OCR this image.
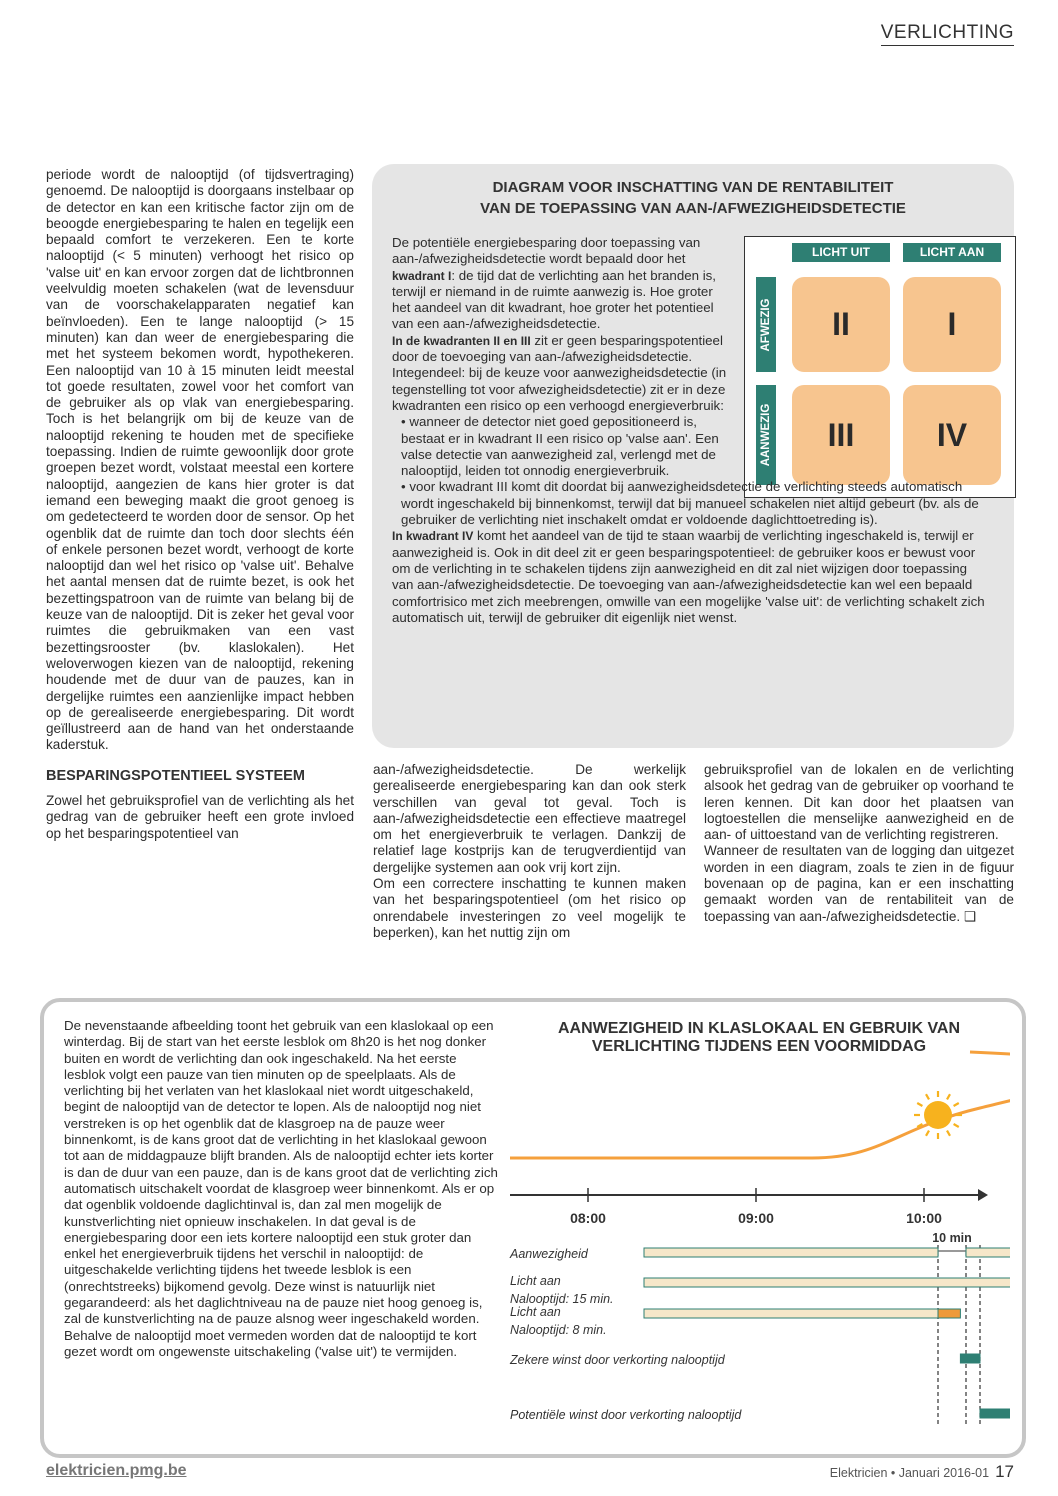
VERLICHTING

periode wordt de nalooptijd (of tijdsvertraging) genoemd. De nalooptijd is doorgaans instelbaar op de detector en kan een kritische factor zijn om de beoogde energiebesparing te halen en tegelijk een bepaald comfort te verzekeren. Een te korte nalooptijd (< 5 minuten) verhoogt het risico op 'valse uit' en kan ervoor zorgen dat de lichtbronnen veelvuldig moeten schakelen (wat de levensduur van de voorschakelapparaten negatief kan beïnvloeden). Een te lange nalooptijd (> 15 minuten) kan dan weer de energiebesparing die met het systeem bekomen wordt, hypothekeren. Een nalooptijd van 10 à 15 minuten leidt meestal tot goede resultaten, zowel voor het comfort van de gebruiker als op vlak van energiebesparing. Toch is het belangrijk om bij de keuze van de nalooptijd rekening te houden met de specifieke toepassing. Indien de ruimte gewoonlijk door grote groepen bezet wordt, volstaat meestal een kortere nalooptijd, aangezien de kans hier groter is dat iemand een beweging maakt die groot genoeg is om gedetecteerd te worden door de sensor. Op het ogenblik dat de ruimte dan toch door slechts één of enkele personen bezet wordt, verhoogt de korte nalooptijd dan wel het risico op 'valse uit'. Behalve het aantal mensen dat de ruimte bezet, is ook het bezettingspatroon van de ruimte van belang bij de keuze van de nalooptijd. Dit is zeker het geval voor ruimtes die gebruikmaken van een vast bezettingsrooster (bv. klaslokalen). Het weloverwogen kiezen van de nalooptijd, rekening houdende met de duur van de pauzes, kan in dergelijke ruimtes een aanzienlijke impact hebben op de gerealiseerde energiebesparing. Dit wordt geïllustreerd aan de hand van het onderstaande kaderstuk.

BESPARINGSPOTENTIEEL SYSTEEM

Zowel het gebruiksprofiel van de verlichting als het gedrag van de gebruiker heeft een grote invloed op het besparingspotentieel van

DIAGRAM VOOR INSCHATTING VAN DE RENTABILITEIT
VAN DE TOEPASSING VAN AAN-/AFWEZIGHEIDSDETECTIE
LICHT UIT	LICHT AAN
AFWEZIG
AANWEZIG
II	I
III	IV

De potentiële energiebesparing door toepassing van aan-/afwezigheidsdetectie wordt bepaald door het kwadrant I: de tijd dat de verlichting aan het branden is, terwijl er niemand in de ruimte aanwezig is. Hoe groter het aandeel van dit kwadrant, hoe groter het potentieel van een aan-/afwezigheidsdetectie.

In de kwadranten II en III zit er geen besparingspotentieel door de toevoeging van aan-/afwezigheidsdetectie. Integendeel: bij de keuze voor aanwezigheidsdetectie (in tegenstelling tot voor afwezigheidsdetectie) zit er in deze kwadranten een risico op een verhoogd energieverbruik:

• wanneer de detector niet goed gepositioneerd is, bestaat er in kwadrant II een risico op 'valse aan'. Een valse detectie van aanwezigheid zal, verlengd met de nalooptijd, leiden tot onnodig energieverbruik.

• voor kwadrant III komt dit doordat bij aanwezigheidsdetectie de verlichting steeds automatisch wordt ingeschakeld bij binnenkomst, terwijl dat bij manueel schakelen niet altijd gebeurt (bv. als de gebruiker de verlichting niet inschakelt omdat er voldoende daglichttoetreding is).

In kwadrant IV komt het aandeel van de tijd te staan waarbij de verlichting ingeschakeld is, terwijl er aanwezigheid is. Ook in dit deel zit er geen besparingspotentieel: de gebruiker koos er bewust voor om de verlichting in te schakelen tijdens zijn aanwezigheid en dit zal niet wijzigen door toepassing van aan-/afwezigheidsdetectie. De toevoeging van aan-/afwezigheidsdetectie kan wel een bepaald comfortrisico met zich meebrengen, omwille van een mogelijke 'valse uit': de verlichting schakelt zich automatisch uit, terwijl de gebruiker dit eigenlijk niet wenst.

aan-/afwezigheidsdetectie. De werkelijk gerealiseerde energiebesparing kan dan ook sterk verschillen van geval tot geval. Toch is aan-/afwezigheidsdetectie een effectieve maatregel om het energieverbruik te verlagen. Dankzij de relatief lage kostprijs kan de terugverdientijd van dergelijke systemen aan ook vrij kort zijn.

Om een correctere inschatting te kunnen maken van het besparingspotentieel (om het risico op onrendabele investeringen zo veel mogelijk te beperken), kan het nuttig zijn om

gebruiksprofiel van de lokalen en de verlichting alsook het gedrag van de gebruiker op voorhand te leren kennen. Dit kan door het plaatsen van logtoestellen die menselijke aanwezigheid en de aan- of uittoestand van de verlichting registreren.

Wanneer de resultaten van de logging dan uitgezet worden in een diagram, zoals te zien in de figuur bovenaan op de pagina, kan er een inschatting gemaakt worden van de rentabiliteit van de toepassing van aan-/afwezigheidsdetectie. ❑

De nevenstaande afbeelding toont het gebruik van een klaslokaal op een winterdag. Bij de start van het eerste lesblok om 8h20 is het nog donker buiten en wordt de verlichting dan ook ingeschakeld. Na het eerste lesblok volgt een pauze van tien minuten op de speelplaats. Als de verlichting bij het verlaten van het klaslokaal niet wordt uitgeschakeld, begint de nalooptijd van de detector te lopen. Als de nalooptijd nog niet verstreken is op het ogenblik dat de klasgroep na de pauze weer binnenkomt, is de kans groot dat de verlichting in het klaslokaal gewoon tot aan de middagpauze blijft branden. Als de nalooptijd echter iets korter is dan de duur van een pauze, dan is de kans groot dat de verlichting zich automatisch uitschakelt voordat de klasgroep weer binnenkomt. Als er op dat ogenblik voldoende daglichtinval is, dan zal men mogelijk de kunstverlichting niet opnieuw inschakelen. In dat geval is de energiebesparing door een iets kortere nalooptijd een stuk groter dan enkel het energieverbruik tijdens het verschil in nalooptijd: de uitgeschakelde verlichting tijdens het tweede lesblok is een (onrechtstreeks) bijkomend gevolg. Deze winst is natuurlijk niet gegarandeerd: als het daglichtniveau na de pauze niet hoog genoeg is, zal de kunstverlichting na de pauze alsnog weer ingeschakeld worden. Behalve de nalooptijd moet vermeden worden dat de nalooptijd te kort gezet wordt om ongewenste uitschakeling ('valse uit') te vermijden.
AANWEZIGHEID IN KLASLOKAAL EN GEBRUIK VAN VERLICHTING TIJDENS EEN VOORMIDDAG
08:00	09:00	10:00
10 min
Aanwezigheid
Licht aan
Nalooptijd: 15 min.
Licht aan
Nalooptijd: 8 min.
Zekere winst door verkorting nalooptijd
Potentiële winst door verkorting nalooptijd
elektricien.pmg.be	Elektricien • Januari 2016-01 17
